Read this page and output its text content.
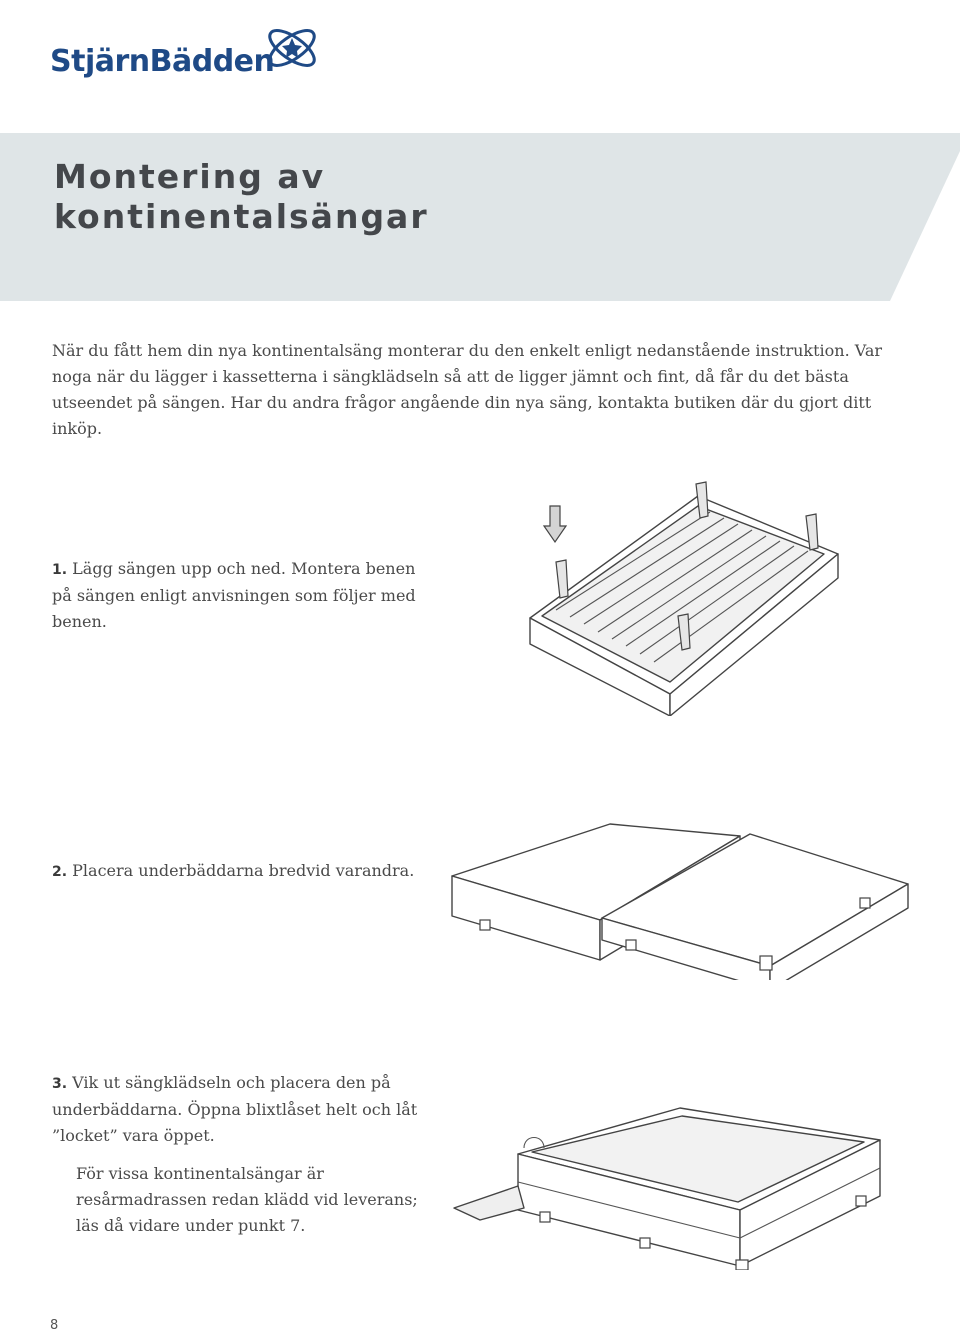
StjärnBädden
Montering av
kontinentalsängar

När du fått hem din nya kontinentalsäng monterar du den enkelt enligt nedanstående instruktion. Var noga när du lägger i kassetterna i sängklädseln så att de ligger jämnt och fint, då får du det bästa utseendet på sängen. Har du andra frågor angående din nya säng, kontakta butiken där du gjort ditt inköp.

1. Lägg sängen upp och ned. Montera benen på sängen enligt anvisningen som följer med benen.

2. Placera underbäddarna bredvid varandra.

3. Vik ut sängklädseln och placera den på underbäddarna. Öppna blixtlåset helt och låt ”locket” vara öppet.

För vissa kontinentalsängar är resårmadrassen redan klädd vid leverans; läs då vidare under punkt 7.

8
